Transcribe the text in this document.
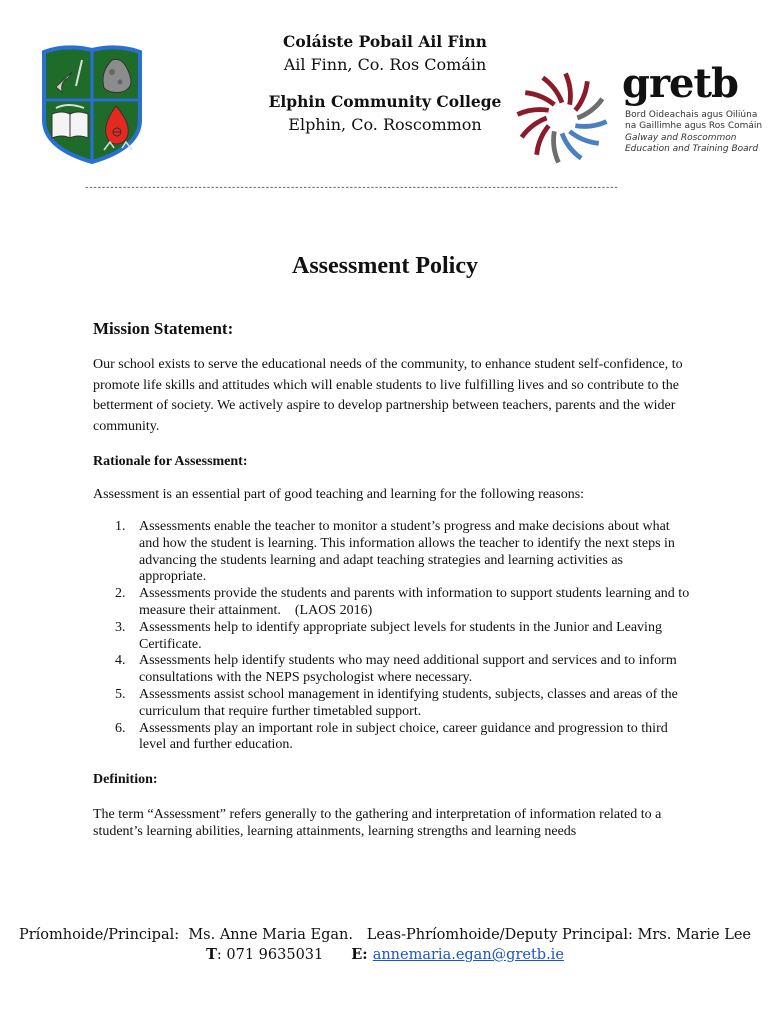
Coláiste Pobail Ail Finn
Ail Finn, Co. Ros Comáin
Elphin Community College
Elphin, Co. Roscommon
gretb
Bord Oideachais agus Oiliúna
na Gaillimhe agus Ros Comáin
Galway and Roscommon
Education and Training Board
-------------------------------------------------------------------------------------------------------------------------------
Assessment Policy
Mission Statement:
Our school exists to serve the educational needs of the community, to enhance student self-confidence, to promote life skills and attitudes which will enable students to live fulfilling lives and so contribute to the betterment of society. We actively aspire to develop partnership between teachers, parents and the wider community.
Rationale for Assessment:
Assessment is an essential part of good teaching and learning for the following reasons:
1. Assessments enable the teacher to monitor a student’s progress and make decisions about what and how the student is learning. This information allows the teacher to identify the next steps in advancing the students learning and adapt teaching strategies and learning activities as appropriate.
2. Assessments provide the students and parents with information to support students learning and to measure their attainment.    (LAOS 2016)
3. Assessments help to identify appropriate subject levels for students in the Junior and Leaving Certificate.
4. Assessments help identify students who may need additional support and services and to inform consultations with the NEPS psychologist where necessary.
5. Assessments assist school management in identifying students, subjects, classes and areas of the curriculum that require further timetabled support.
6. Assessments play an important role in subject choice, career guidance and progression to third level and further education.
Definition:
The term “Assessment” refers generally to the gathering and interpretation of information related to a student’s learning abilities, learning attainments, learning strengths and learning needs
Príomhoide/Principal:  Ms. Anne Maria Egan.   Leas-Phríomhoide/Deputy Principal: Mrs. Marie Lee
T: 071 9635031 E: annemaria.egan@gretb.ie
